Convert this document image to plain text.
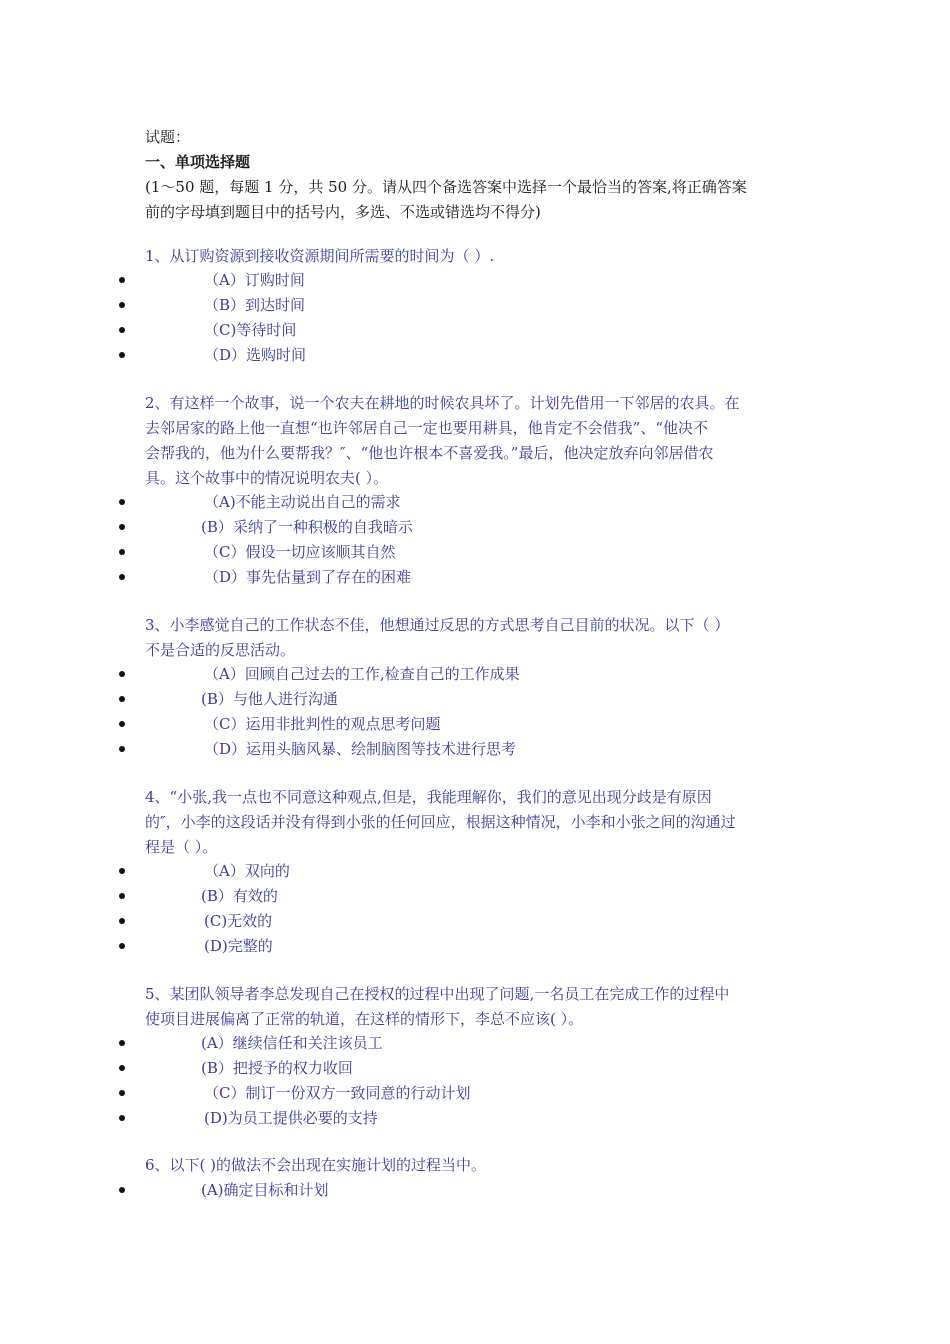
试题：
一、单项选择题
(1～50 题，每题 1 分，共 50 分。请从四个备选答案中选择一个最恰当的答案,将正确答案
前的字母填到题目中的括号内，多选、不选或错选均不得分)
1、从订购资源到接收资源期间所需要的时间为（ ）.
（A）订购时间
（B）到达时间
（C)等待时间
（D）选购时间
2、有这样一个故事，说一个农夫在耕地的时候农具坏了。计划先借用一下邻居的农具。在
去邻居家的路上他一直想“也许邻居自己一定也要用耕具，他肯定不会借我”、“他决不
会帮我的，他为什么要帮我？″、“他也许根本不喜爱我。”最后，他决定放弃向邻居借农
具。这个故事中的情况说明农夫( ）。
（A)不能主动说出自己的需求
(B）采纳了一种积极的自我暗示
（C）假设一切应该顺其自然
（D）事先估量到了存在的困难
3、小李感觉自己的工作状态不佳，他想通过反思的方式思考自己目前的状况。以下（ ）
不是合适的反思活动。
（A）回顾自己过去的工作,检查自己的工作成果
(B）与他人进行沟通
（C）运用非批判性的观点思考问题
（D）运用头脑风暴、绘制脑图等技术进行思考
4、“小张,我一点也不同意这种观点,但是，我能理解你，我们的意见出现分歧是有原因
的″，小李的这段话并没有得到小张的任何回应，根据这种情况，小李和小张之间的沟通过
程是（ ）。
（A）双向的
(B）有效的
(C)无效的
(D)完整的
5、某团队领导者李总发现自己在授权的过程中出现了问题,一名员工在完成工作的过程中
使项目进展偏离了正常的轨道，在这样的情形下，李总不应该( ）。
(A）继续信任和关注该员工
(B）把授予的权力收回
（C）制订一份双方一致同意的行动计划
(D)为员工提供必要的支持
6、以下( )的做法不会出现在实施计划的过程当中。
(A)确定目标和计划
